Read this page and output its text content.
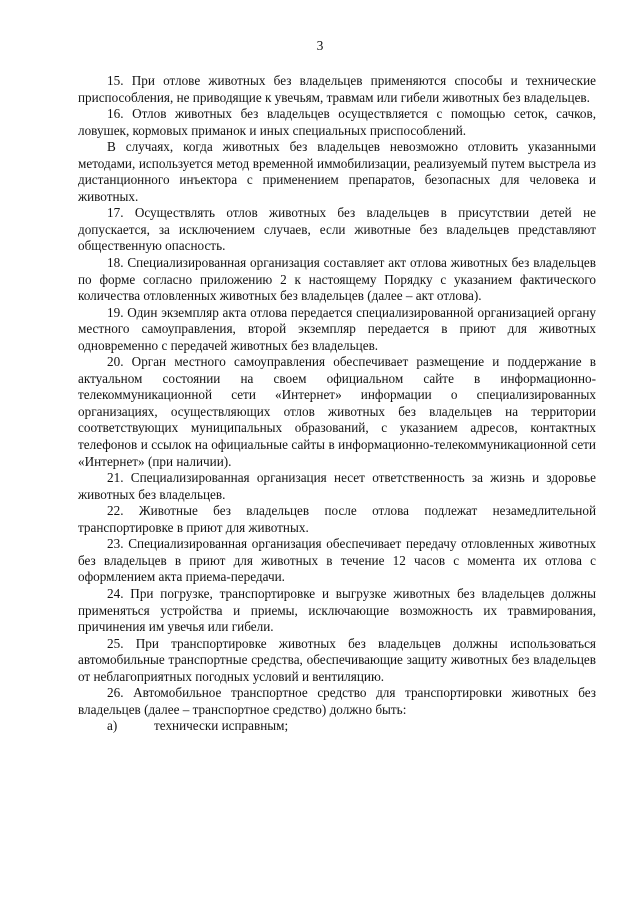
3

15. При отлове животных без владельцев применяются способы и технические приспособления, не приводящие к увечьям, травмам или гибели животных без владельцев.

16. Отлов животных без владельцев осуществляется с помощью сеток, сачков, ловушек, кормовых приманок и иных специальных приспособлений.

В случаях, когда животных без владельцев невозможно отловить указанными методами, используется метод временной иммобилизации, реализуемый путем выстрела из дистанционного инъектора с применением препаратов, безопасных для человека и животных.

17. Осуществлять отлов животных без владельцев в присутствии детей не допускается, за исключением случаев, если животные без владельцев представляют общественную опасность.

18. Специализированная организация составляет акт отлова животных без владельцев по форме согласно приложению 2 к настоящему Порядку с указанием фактического количества отловленных животных без владельцев (далее – акт отлова).

19. Один экземпляр акта отлова передается специализированной организацией органу местного самоуправления, второй экземпляр передается в приют для животных одновременно с передачей животных без владельцев.

20. Орган местного самоуправления обеспечивает размещение и поддержание в актуальном состоянии на своем официальном сайте в информационно-телекоммуникационной сети «Интернет» информации о специализированных организациях, осуществляющих отлов животных без владельцев на территории соответствующих муниципальных образований, с указанием адресов, контактных телефонов и ссылок на официальные сайты в информационно-телекоммуникационной сети «Интернет» (при наличии).

21. Специализированная организация несет ответственность за жизнь и здоровье животных без владельцев.

22. Животные без владельцев после отлова подлежат незамедлительной транспортировке в приют для животных.

23. Специализированная организация обеспечивает передачу отловленных животных без владельцев в приют для животных в течение 12 часов с момента их отлова с оформлением акта приема-передачи.

24. При погрузке, транспортировке и выгрузке животных без владельцев должны применяться устройства и приемы, исключающие возможность их травмирования, причинения им увечья или гибели.

25. При транспортировке животных без владельцев должны использоваться автомобильные транспортные средства, обеспечивающие защиту животных без владельцев от неблагоприятных погодных условий и вентиляцию.

26. Автомобильное транспортное средство для транспортировки животных без владельцев (далее – транспортное средство) должно быть:

а)	технически исправным;
